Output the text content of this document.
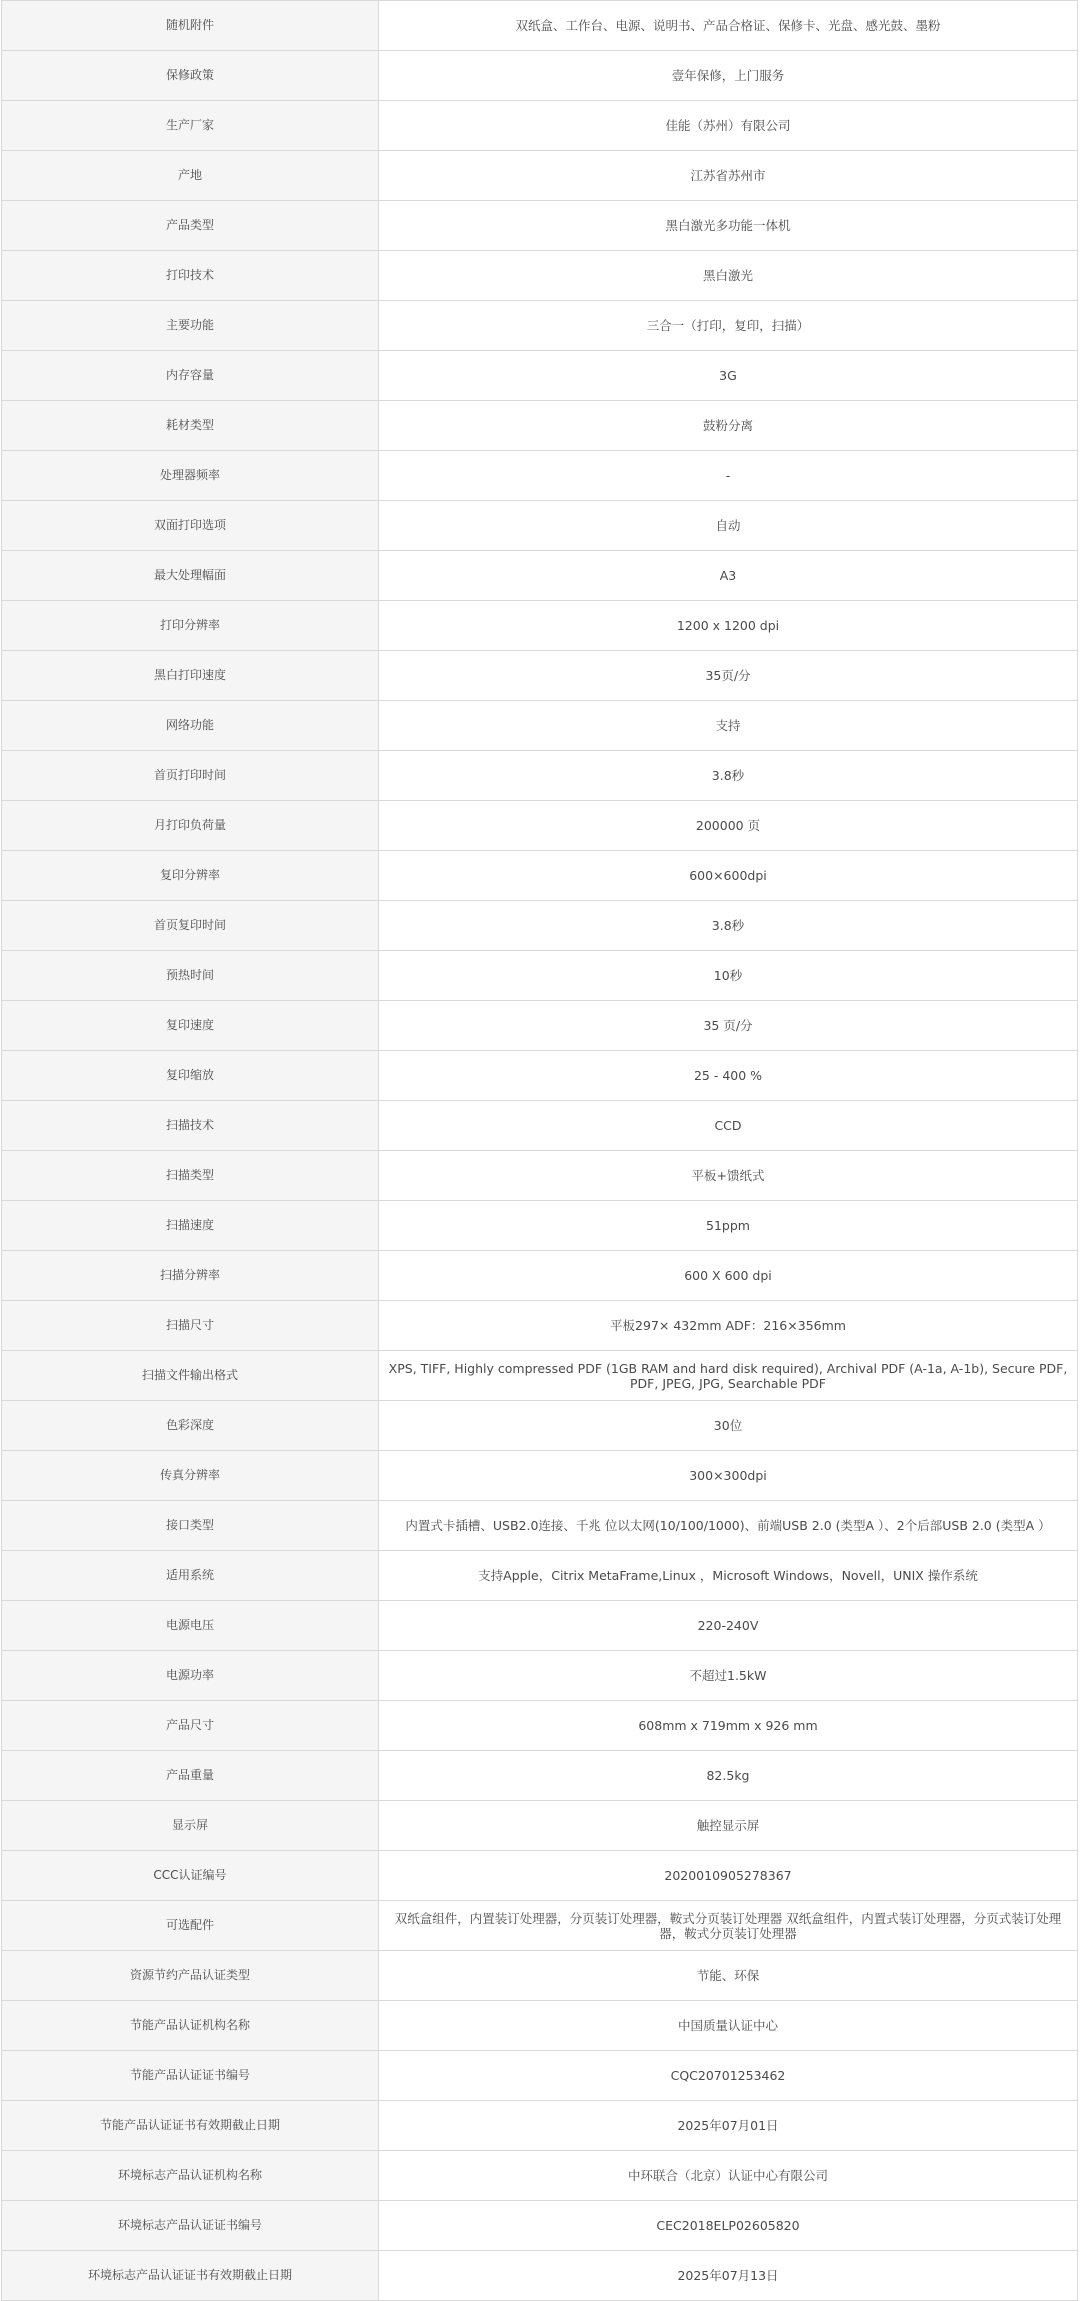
随机附件	双纸盒、工作台、电源、说明书、产品合格证、保修卡、光盘、感光鼓、墨粉
保修政策	壹年保修，上门服务
生产厂家	佳能（苏州）有限公司
产地	江苏省苏州市
产品类型	黑白激光多功能一体机
打印技术	黑白激光
主要功能	三合一（打印，复印，扫描）
内存容量	3G
耗材类型	鼓粉分离
处理器频率	-
双面打印选项	自动
最大处理幅面	A3
打印分辨率	1200 x 1200 dpi
黑白打印速度	35页/分
网络功能	支持
首页打印时间	3.8秒
月打印负荷量	200000 页
复印分辨率	600×600dpi
首页复印时间	3.8秒
预热时间	10秒
复印速度	35 页/分
复印缩放	25 - 400 %
扫描技术	CCD
扫描类型	平板+馈纸式
扫描速度	51ppm
扫描分辨率	600 X 600 dpi
扫描尺寸	平板297× 432mm ADF：216×356mm
扫描文件输出格式	XPS, TIFF, Highly compressed PDF (1GB RAM and hard disk required), Archival PDF (A-1a, A-1b), Secure PDF, PDF, JPEG, JPG, Searchable PDF
色彩深度	30位
传真分辨率	300×300dpi
接口类型	内置式卡插槽、USB2.0连接、千兆 位以太网(10/100/1000)、前端USB 2.0 (类型A ）、2个后部USB 2.0 (类型A ）
适用系统	支持Apple，Citrix MetaFrame,Linux ，Microsoft Windows，Novell，UNIX 操作系统
电源电压	220-240V
电源功率	不超过1.5kW
产品尺寸	608mm x 719mm x 926 mm
产品重量	82.5kg
显示屏	触控显示屏
CCC认证编号	2020010905278367
可选配件	双纸盒组件，内置装订处理器，分页装订处理器，鞍式分页装订处理器 双纸盒组件，内置式装订处理器，分页式装订处理器，鞍式分页装订处理器
资源节约产品认证类型	节能、环保
节能产品认证机构名称	中国质量认证中心
节能产品认证证书编号	CQC20701253462
节能产品认证证书有效期截止日期	2025年07月01日
环境标志产品认证机构名称	中环联合（北京）认证中心有限公司
环境标志产品认证证书编号	CEC2018ELP02605820
环境标志产品认证证书有效期截止日期	2025年07月13日
